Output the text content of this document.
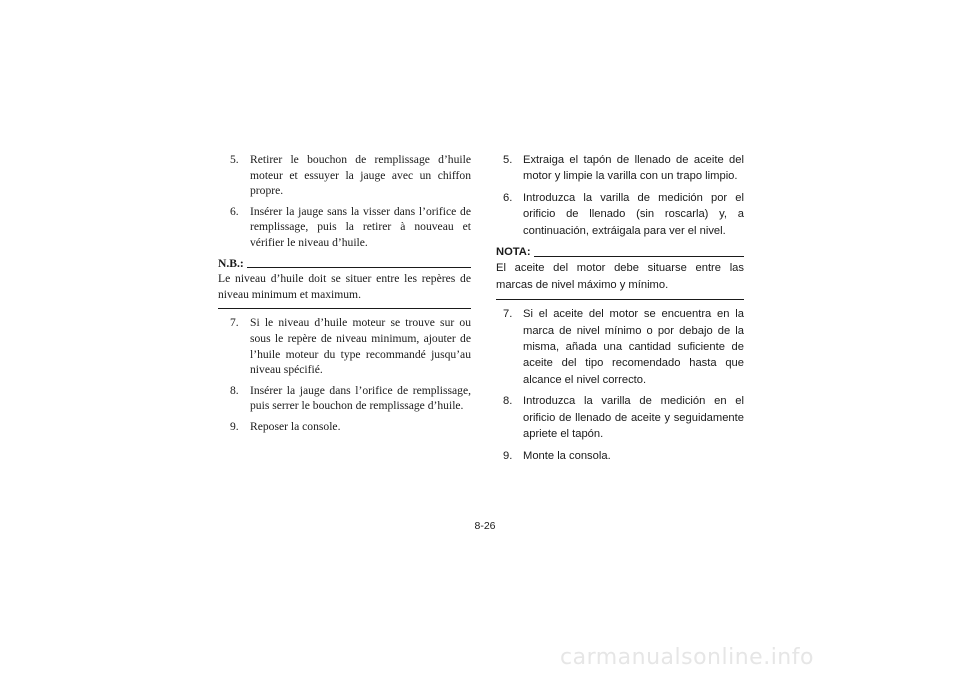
5. Retirer le bouchon de remplissage d’huile moteur et essuyer la jauge avec un chiffon propre.
6. Insérer la jauge sans la visser dans l’orifice de remplissage, puis la retirer à nouveau et vérifier le niveau d’huile.
N.B.:
Le niveau d’huile doit se situer entre les repères de niveau minimum et maximum.
7. Si le niveau d’huile moteur se trouve sur ou sous le repère de niveau minimum, ajouter de l’huile moteur du type recommandé jusqu’au niveau spécifié.
8. Insérer la jauge dans l’orifice de remplissage, puis serrer le bouchon de remplissage d’huile.
9. Reposer la console.
5. Extraiga el tapón de llenado de aceite del motor y limpie la varilla con un trapo limpio.
6. Introduzca la varilla de medición por el orificio de llenado (sin roscarla) y, a continuación, extráigala para ver el nivel.
NOTA:
El aceite del motor debe situarse entre las marcas de nivel máximo y mínimo.
7. Si el aceite del motor se encuentra en la marca de nivel mínimo o por debajo de la misma, añada una cantidad suficiente de aceite del tipo recomendado hasta que alcance el nivel correcto.
8. Introduzca la varilla de medición en el orificio de llenado de aceite y seguidamente apriete el tapón.
9. Monte la consola.
8-26
carmanualsonline.info
